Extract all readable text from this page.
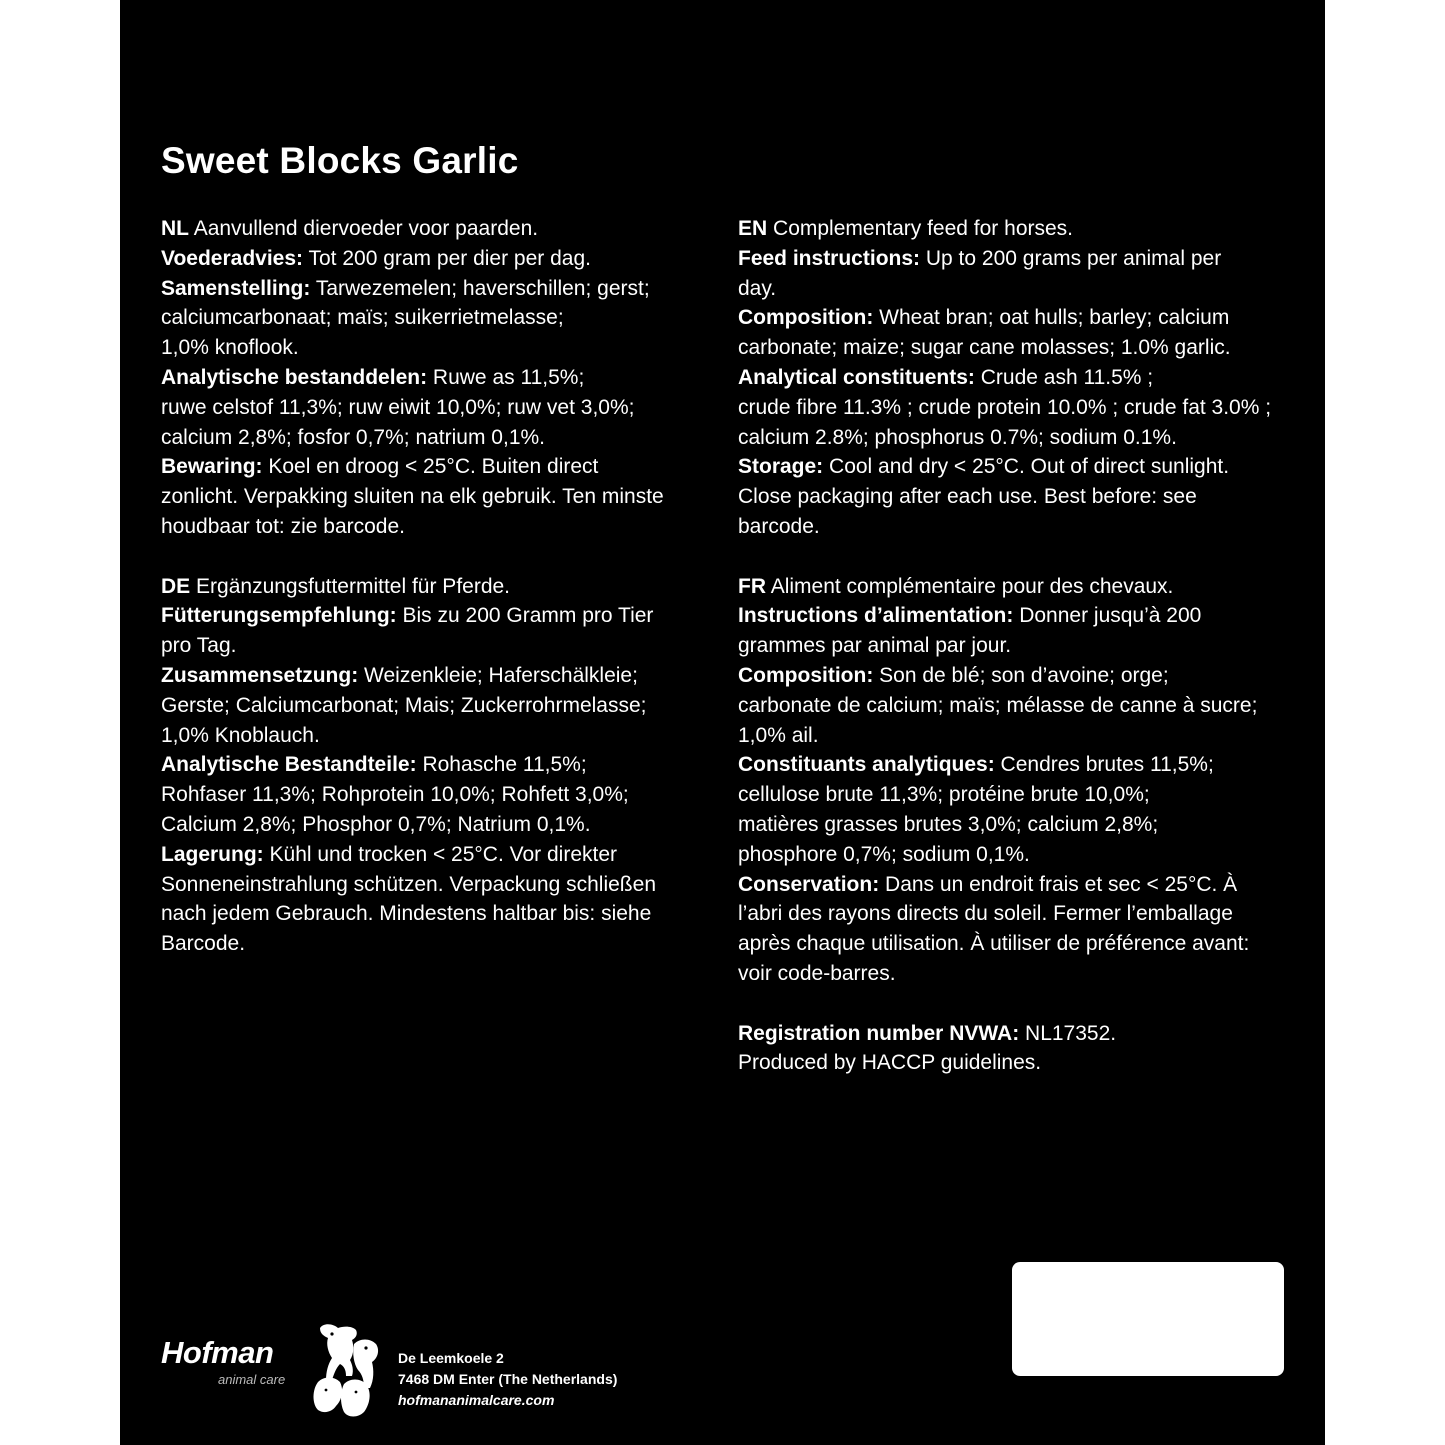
Sweet Blocks Garlic
NL Aanvullend diervoeder voor paarden.
Voederadvies: Tot 200 gram per dier per dag.
Samenstelling: Tarwezemelen; haverschillen; gerst;
calciumcarbonaat; maïs; suikerrietmelasse;
1,0% knoflook.
Analytische bestanddelen: Ruwe as 11,5%;
ruwe celstof 11,3%; ruw eiwit 10,0%; ruw vet 3,0%;
calcium 2,8%; fosfor 0,7%; natrium 0,1%.
Bewaring: Koel en droog < 25°C. Buiten direct
zonlicht. Verpakking sluiten na elk gebruik. Ten minste
houdbaar tot: zie barcode.
DE Ergänzungsfuttermittel für Pferde.
Fütterungsempfehlung: Bis zu 200 Gramm pro Tier
pro Tag.
Zusammensetzung: Weizenkleie; Haferschälkleie;
Gerste; Calciumcarbonat; Mais; Zuckerrohrmelasse;
1,0% Knoblauch.
Analytische Bestandteile: Rohasche 11,5%;
Rohfaser 11,3%; Rohprotein 10,0%; Rohfett 3,0%;
Calcium 2,8%; Phosphor 0,7%; Natrium 0,1%.
Lagerung: Kühl und trocken < 25°C. Vor direkter
Sonneneinstrahlung schützen. Verpackung schließen
nach jedem Gebrauch. Mindestens haltbar bis: siehe
Barcode.
EN Complementary feed for horses.
Feed instructions: Up to 200 grams per animal per
day.
Composition: Wheat bran; oat hulls; barley; calcium
carbonate; maize; sugar cane molasses; 1.0% garlic.
Analytical constituents: Crude ash 11.5% ;
crude fibre 11.3% ; crude protein 10.0% ; crude fat 3.0% ;
calcium 2.8%; phosphorus 0.7%; sodium 0.1%.
Storage: Cool and dry < 25°C. Out of direct sunlight.
Close packaging after each use. Best before: see
barcode.
FR Aliment complémentaire pour des chevaux.
Instructions d’alimentation: Donner jusqu’à 200
grammes par animal par jour.
Composition: Son de blé; son d’avoine; orge;
carbonate de calcium; maïs; mélasse de canne à sucre;
1,0% ail.
Constituants analytiques: Cendres brutes 11,5%;
cellulose brute 11,3%; protéine brute 10,0%;
matières grasses brutes 3,0%; calcium 2,8%;
phosphore 0,7%; sodium 0,1%.
Conservation: Dans un endroit frais et sec < 25°C. À
l’abri des rayons directs du soleil. Fermer l’emballage
après chaque utilisation. À utiliser de préférence avant:
voir code-barres.
Registration number NVWA: NL17352.
Produced by HACCP guidelines.
Hofman
animal care
De Leemkoele 2
7468 DM Enter (The Netherlands)
hofmananimalcare.com
